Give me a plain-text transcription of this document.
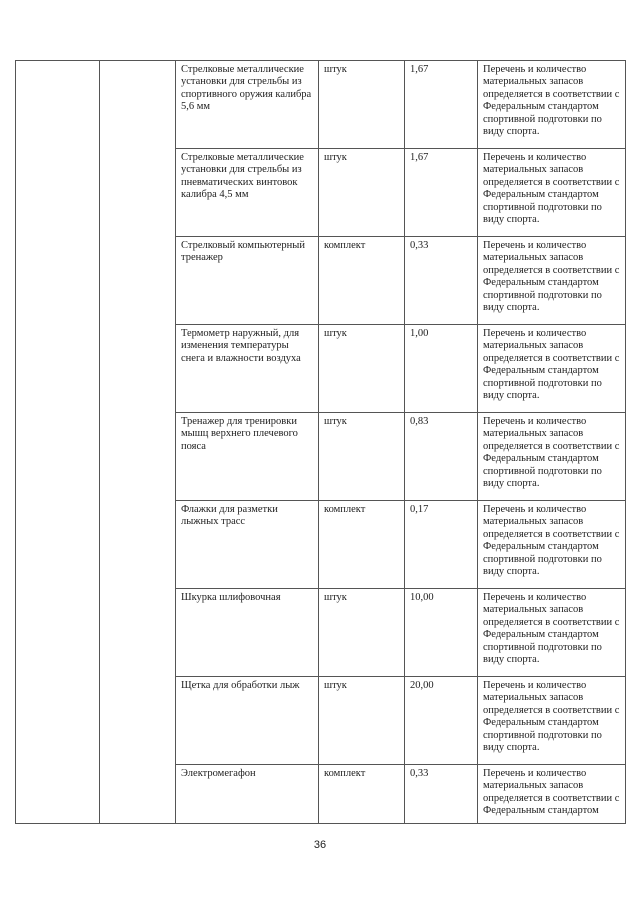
		Стрелковые металлические установки для стрельбы из спортивного оружия калибра 5,6 мм	штук	1,67	Перечень и количество материальных запасов определяется в соответствии с Федеральным стандартом спортивной подготовки по виду спорта.
		Стрелковые металлические установки для стрельбы из пневматических винтовок калибра 4,5 мм	штук	1,67	Перечень и количество материальных запасов определяется в соответствии с Федеральным стандартом спортивной подготовки по виду спорта.
		Стрелковый компьютерный тренажер	комплект	0,33	Перечень и количество материальных запасов определяется в соответствии с Федеральным стандартом спортивной подготовки по виду спорта.
		Термометр наружный, для изменения температуры снега и влажности воздуха	штук	1,00	Перечень и количество материальных запасов определяется в соответствии с Федеральным стандартом спортивной подготовки по виду спорта.
		Тренажер для тренировки мышц верхнего плечевого пояса	штук	0,83	Перечень и количество материальных запасов определяется в соответствии с Федеральным стандартом спортивной подготовки по виду спорта.
		Флажки для разметки лыжных трасс	комплект	0,17	Перечень и количество материальных запасов определяется в соответствии с Федеральным стандартом спортивной подготовки по виду спорта.
		Шкурка шлифовочная	штук	10,00	Перечень и количество материальных запасов определяется в соответствии с Федеральным стандартом спортивной подготовки по виду спорта.
		Щетка для обработки лыж	штук	20,00	Перечень и количество материальных запасов определяется в соответствии с Федеральным стандартом спортивной подготовки по виду спорта.
		Электромегафон	комплект	0,33	Перечень и количество материальных запасов определяется в соответствии с Федеральным стандартом
36
